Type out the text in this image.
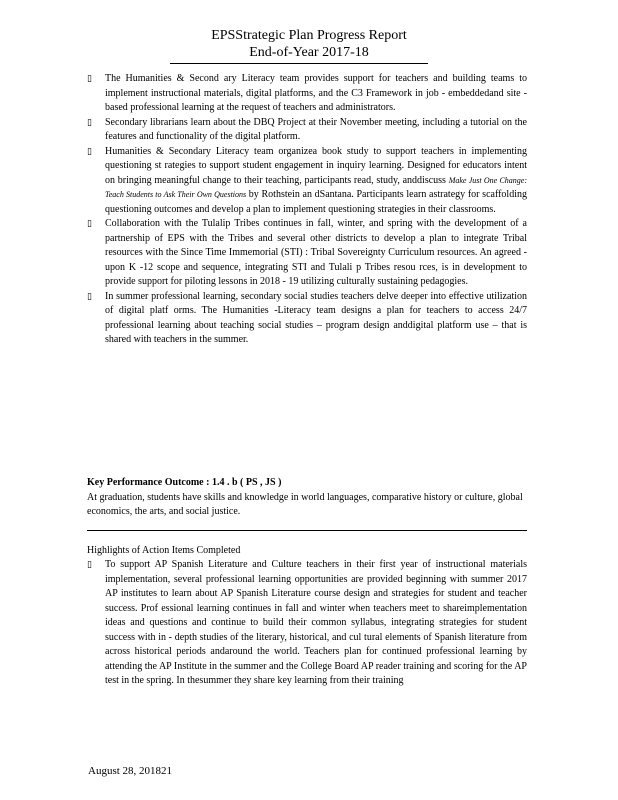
EPSStrategic Plan Progress Report
End-of-Year 2017-18
▯ The Humanities & Second ary Literacy team provides support for teachers and building teams to implement instructional materials, digital platforms, and the C3 Framework in job - embeddedand site - based professional learning at the request of teachers and administrators.
▯ Secondary librarians learn about the DBQ Project at their November meeting, including a tutorial on the features and functionality of the digital platform.
▯ Humanities & Secondary Literacy team organizea book study to support teachers in implementing questioning st rategies to support student engagement in inquiry learning. Designed for educators intent on bringing meaningful change to their teaching, participants read, study, anddiscuss Make Just One Change: Teach Students to Ask Their Own Questions by Rothstein an dSantana. Participants learn astrategy for scaffolding questioning outcomes and develop a plan to implement questioning strategies in their classrooms.
▯ Collaboration with the Tulalip Tribes continues in fall, winter, and spring with the development of a partnership of EPS with the Tribes and several other districts to develop a plan to integrate Tribal resources with the Since Time Immemorial (STI) : Tribal Sovereignty Curriculum resources. An agreed - upon K -12 scope and sequence, integrating STI and Tulali p Tribes resou rces, is in development to provide support for piloting lessons in 2018 - 19 utilizing culturally sustaining pedagogies.
▯ In summer professional learning, secondary social studies teachers delve deeper into effective utilization of digital platf orms. The Humanities -Literacy team designs a plan for teachers to access 24/7 professional learning about teaching social studies – program design anddigital platform use – that is shared with teachers in the summer.
Key Performance Outcome : 1.4 . b ( PS , JS )
At graduation, students have skills and knowledge in world languages, comparative history or culture, global economics, the arts, and social justice.
Highlights of Action Items Completed
▯ To support AP Spanish Literature and Culture teachers in their first year of instructional materials implementation, several professional learning opportunities are provided beginning with summer 2017 AP institutes to learn about AP Spanish Literature course design and strategies for student and teacher success. Prof essional learning continues in fall and winter when teachers meet to shareimplementation ideas and questions and continue to build their common syllabus, integrating strategies for student success with in - depth studies of the literary, historical, and cul tural elements of Spanish literature from across historical periods andaround the world. Teachers plan for continued professional learning by attending the AP Institute in the summer and the College Board AP reader training and scoring for the AP test in the spring. In thesummer they share key learning from their training
August 28, 201821
